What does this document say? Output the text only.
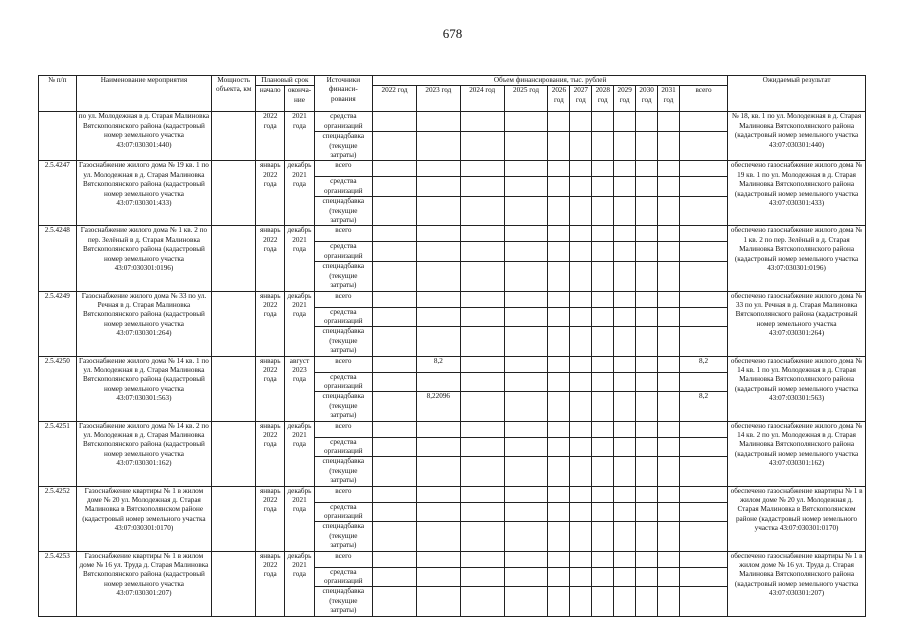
678
№ п/п	Наименование мероприятия	Мощность объекта, км	Плановый срок		Источники финанси-рования	Объем финансирования, тыс. рублей											Ожидаемый результат
			начало	оконча-ние		2022 год	2023 год	2024 год	2025 год	2026 год	2027 год	2028 год	2029 год	2030 год	2031 год	всего	
	по ул. Молодежная в д. Старая Малиновка Вятскополянского района (кадастровый номер земельного участка 43:07:030301:440)		2022 года	2021 года	средства организаций												№ 18, кв. 1 по ул. Молодежная в д. Старая Малиновка Вятскополянского района (кадастровый номер земельного участка 43:07:030301:440)
					спецнадбавка (текущие затраты)												
2.5.4247	Газоснабжение жилого дома № 19 кв. 1 по ул. Молодежная в д. Старая Малиновка Вятскополянского района (кадастровый номер земельного участка 43:07:030301:433)		январь 2022 года	декабрь 2021 года	всего												обеспечено газоснабжение жилого дома № 19 кв. 1 по ул. Молодежная в д. Старая Малиновка Вятскополянского района (кадастровый номер земельного участка 43:07:030301:433)
					средства организаций												
					спецнадбавка (текущие затраты)												
2.5.4248	Газоснабжение жилого дома № 1 кв. 2 по пер. Зелёный в д. Старая Малиновка Вятскополянского района (кадастровый номер земельного участка 43:07:030301:0196)		январь 2022 года	декабрь 2021 года	всего												обеспечено газоснабжение жилого дома № 1 кв. 2 по пер. Зелёный в д. Старая Малиновка Вятскополянского района (кадастровый номер земельного участка 43:07:030301:0196)
					средства организаций												
					спецнадбавка (текущие затраты)												
2.5.4249	Газоснабжение жилого дома № 33 по ул. Речная в д. Старая Малиновка Вятскополянского района (кадастровый номер земельного участка 43:07:030301:264)		январь 2022 года	декабрь 2021 года	всего												обеспечено газоснабжение жилого дома № 33 по ул. Речная в д. Старая Малиновка Вятскополянского района (кадастровый номер земельного участка 43:07:030301:264)
					средства организаций												
					спецнадбавка (текущие затраты)												
2.5.4250	Газоснабжение жилого дома № 14 кв. 1 по ул. Молодежная в д. Старая Малиновка Вятскополянского района (кадастровый номер земельного участка 43:07:030301:563)		январь 2022 года	август 2023 года	всего		8,2									8,2	обеспечено газоснабжение жилого дома № 14 кв. 1 по ул. Молодежная в д. Старая Малиновка Вятскополянского района (кадастровый номер земельного участка 43:07:030301:563)
					средства организаций												
					спецнадбавка (текущие затраты)		8,22096									8,2	
2.5.4251	Газоснабжение жилого дома № 14 кв. 2 по ул. Молодежная в д. Старая Малиновка Вятскополянского района (кадастровый номер земельного участка 43:07:030301:162)		январь 2022 года	декабрь 2021 года	всего												обеспечено газоснабжение жилого дома № 14 кв. 2 по ул. Молодежная в д. Старая Малиновка Вятскополянского района (кадастровый номер земельного участка 43:07:030301:162)
					средства организаций												
					спецнадбавка (текущие затраты)												
2.5.4252	Газоснабжение квартиры № 1 в жилом доме № 20 ул. Молодежная д. Старая Малиновка в Вятскополянском районе (кадастровый номер земельного участка 43:07:030301:0170)		январь 2022 года	декабрь 2021 года	всего												обеспечено газоснабжение квартиры № 1 в жилом доме № 20 ул. Молодежная д. Старая Малиновка в Вятскополянском районе (кадастровый номер земельного участка 43:07:030301:0170)
					средства организаций												
					спецнадбавка (текущие затраты)												
2.5.4253	Газоснабжение квартиры № 1 в жилом доме № 16 ул. Труда д. Старая Малиновка Вятскополянского района (кадастровый номер земельного участка 43:07:030301:207)		январь 2022 года	декабрь 2021 года	всего												обеспечено газоснабжение квартиры № 1 в жилом доме № 16 ул. Труда д. Старая Малиновка Вятскополянского района (кадастровый номер земельного участка 43:07:030301:207)
					средства организаций												
					спецнадбавка (текущие затраты)												
